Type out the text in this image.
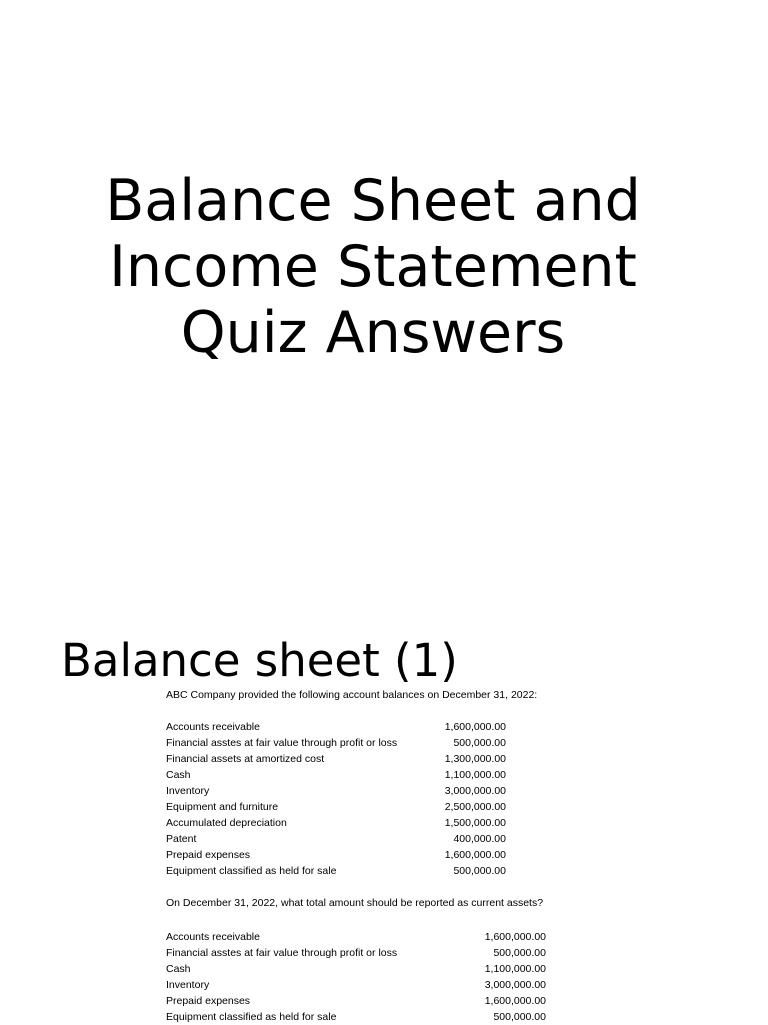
Balance Sheet and
Income Statement
Quiz Answers
Balance sheet (1)
ABC Company provided the following account balances on December 31, 2022:
Accounts receivable	1,600,000.00
Financial asstes at fair value through profit or loss	500,000.00
Financial assets at amortized cost	1,300,000.00
Cash	1,100,000.00
Inventory	3,000,000.00
Equipment and furniture	2,500,000.00
Accumulated depreciation	1,500,000.00
Patent	400,000.00
Prepaid expenses	1,600,000.00
Equipment classified as held for sale	500,000.00
On December 31, 2022, what total amount should be reported as current assets?
Accounts receivable	1,600,000.00
Financial asstes at fair value through profit or loss	500,000.00
Cash	1,100,000.00
Inventory	3,000,000.00
Prepaid expenses	1,600,000.00
Equipment classified as held for sale	500,000.00
